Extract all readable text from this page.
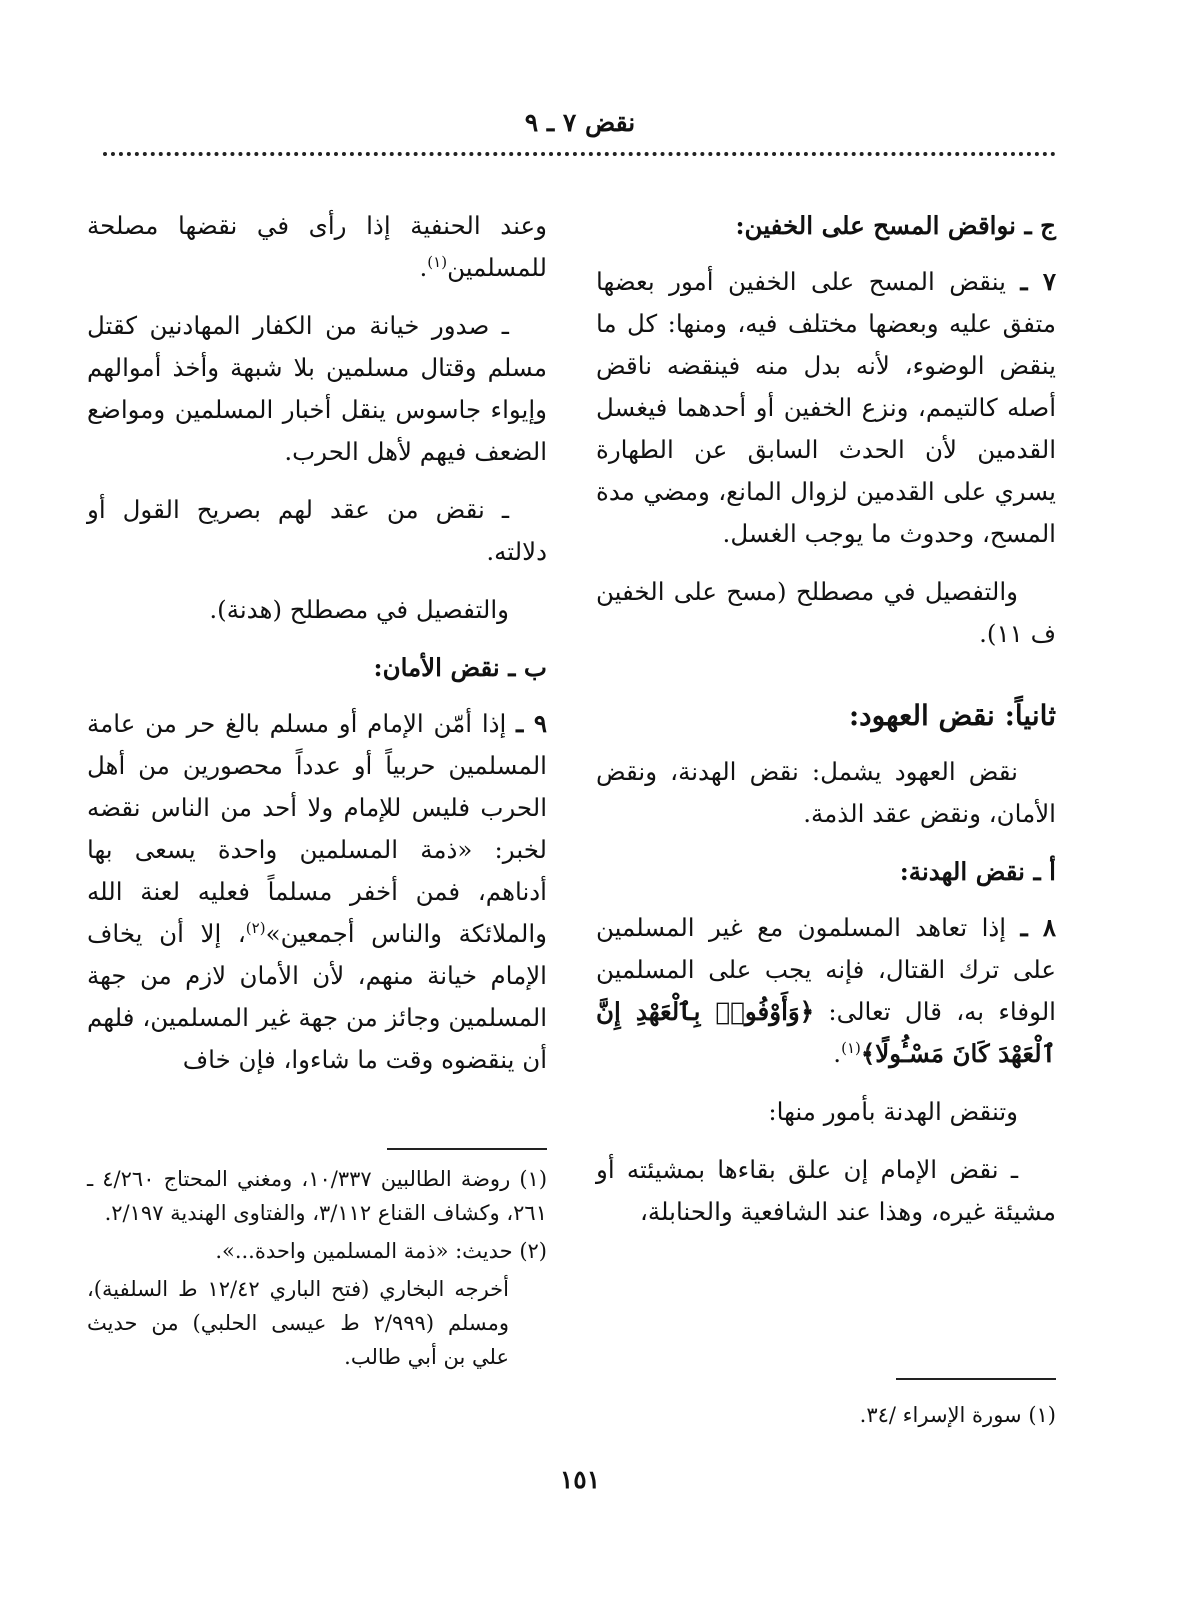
نقض ٧ ـ ٩

ج ـ نواقض المسح على الخفين:

٧ ـ ينقض المسح على الخفين أمور بعضها متفق عليه وبعضها مختلف فيه، ومنها: كل ما ينقض الوضوء، لأنه بدل منه فينقضه ناقض أصله كالتيمم، ونزع الخفين أو أحدهما فيغسل القدمين لأن الحدث السابق عن الطهارة يسري على القدمين لزوال المانع، ومضي مدة المسح، وحدوث ما يوجب الغسل.

والتفصيل في مصطلح (مسح على الخفين ف ١١).

ثانياً: نقض العهود:

نقض العهود يشمل: نقض الهدنة، ونقض الأمان، ونقض عقد الذمة.

أ ـ نقض الهدنة:

٨ ـ إذا تعاهد المسلمون مع غير المسلمين على ترك القتال، فإنه يجب على المسلمين الوفاء به، قال تعالى: ﴿وَأَوْفُوا۟ بِٱلْعَهْدِ إِنَّ ٱلْعَهْدَ كَانَ مَسْـُٔولًا﴾$^{(١)}$.

وتنقض الهدنة بأمور منها:

ـ نقض الإمام إن علق بقاءها بمشيئته أو مشيئة غيره، وهذا عند الشافعية والحنابلة،

(١) سورة الإسراء /٣٤.

وعند الحنفية إذا رأى في نقضها مصلحة للمسلمين$^{(١)}$.

ـ صدور خيانة من الكفار المهادنين كقتل مسلم وقتال مسلمين بلا شبهة وأخذ أموالهم وإيواء جاسوس ينقل أخبار المسلمين ومواضع الضعف فيهم لأهل الحرب.

ـ نقض من عقد لهم بصريح القول أو دلالته.

والتفصيل في مصطلح (هدنة).

ب ـ نقض الأمان:

٩ ـ إذا أمّن الإمام أو مسلم بالغ حر من عامة المسلمين حربياً أو عدداً محصورين من أهل الحرب فليس للإمام ولا أحد من الناس نقضه لخبر: «ذمة المسلمين واحدة يسعى بها أدناهم، فمن أخفر مسلماً فعليه لعنة الله والملائكة والناس أجمعين»$^{(٢)}$، إلا أن يخاف الإمام خيانة منهم، لأن الأمان لازم من جهة المسلمين وجائز من جهة غير المسلمين، فلهم أن ينقضوه وقت ما شاءوا، فإن خاف

(١) روضة الطالبين ١٠/٣٣٧، ومغني المحتاج ٤/٢٦٠ ـ ٢٦١، وكشاف القناع ٣/١١٢، والفتاوى الهندية ٢/١٩٧.

(٢) حديث: «ذمة المسلمين واحدة...».

أخرجه البخاري (فتح الباري ١٢/٤٢ ط السلفية)، ومسلم (٢/٩٩٩ ط عيسى الحلبي) من حديث علي بن أبي طالب.

١٥١
